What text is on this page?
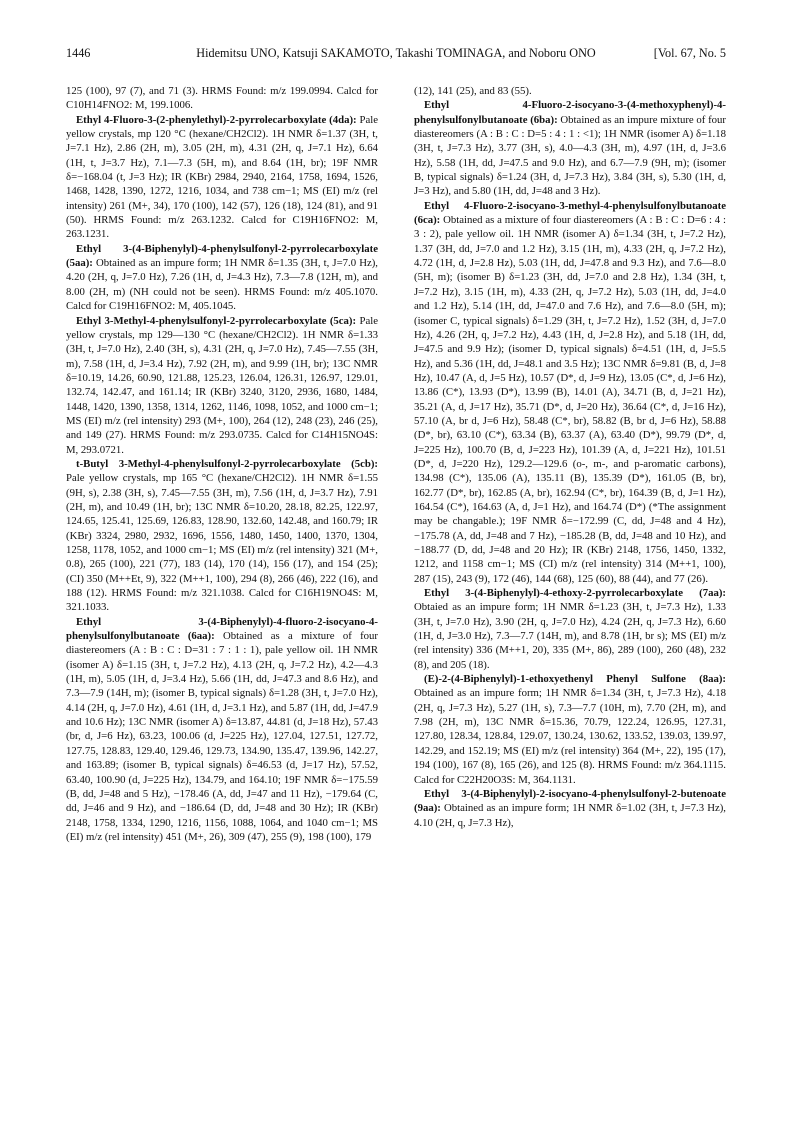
1446	Hidemitsu UNO, Katsuji SAKAMOTO, Takashi TOMINAGA, and Noboru ONO	[Vol. 67, No. 5

125 (100), 97 (7), and 71 (3). HRMS Found: m/z 199.0994. Calcd for C10H14FNO2: M, 199.1006.

Ethyl 4-Fluoro-3-(2-phenylethyl)-2-pyrrolecarboxylate (4da): Pale yellow crystals, mp 120 °C (hexane/CH2Cl2). 1H NMR δ=1.37 (3H, t, J=7.1 Hz), 2.86 (2H, m), 3.05 (2H, m), 4.31 (2H, q, J=7.1 Hz), 6.64 (1H, t, J=3.7 Hz), 7.1—7.3 (5H, m), and 8.64 (1H, br); 19F NMR δ=−168.04 (t, J=3 Hz); IR (KBr) 2984, 2940, 2164, 1758, 1694, 1526, 1468, 1428, 1390, 1272, 1216, 1034, and 738 cm−1; MS (EI) m/z (rel intensity) 261 (M+, 34), 170 (100), 142 (57), 126 (18), 124 (81), and 91 (50). HRMS Found: m/z 263.1232. Calcd for C19H16FNO2: M, 263.1231.

Ethyl 3-(4-Biphenylyl)-4-phenylsulfonyl-2-pyrrolecarboxylate (5aa): Obtained as an impure form; 1H NMR δ=1.35 (3H, t, J=7.0 Hz), 4.20 (2H, q, J=7.0 Hz), 7.26 (1H, d, J=4.3 Hz), 7.3—7.8 (12H, m), and 8.00 (2H, m) (NH could not be seen). HRMS Found: m/z 405.1070. Calcd for C19H16FNO2: M, 405.1045.

Ethyl 3-Methyl-4-phenylsulfonyl-2-pyrrolecarboxylate (5ca): Pale yellow crystals, mp 129—130 °C (hexane/CH2Cl2). 1H NMR δ=1.33 (3H, t, J=7.0 Hz), 2.40 (3H, s), 4.31 (2H, q, J=7.0 Hz), 7.45—7.55 (3H, m), 7.58 (1H, d, J=3.4 Hz), 7.92 (2H, m), and 9.99 (1H, br); 13C NMR δ=10.19, 14.26, 60.90, 121.88, 125.23, 126.04, 126.31, 126.97, 129.01, 132.74, 142.47, and 161.14; IR (KBr) 3240, 3120, 2936, 1680, 1484, 1448, 1420, 1390, 1358, 1314, 1262, 1146, 1098, 1052, and 1000 cm−1; MS (EI) m/z (rel intensity) 293 (M+, 100), 264 (12), 248 (23), 246 (25), and 149 (27). HRMS Found: m/z 293.0735. Calcd for C14H15NO4S: M, 293.0721.

t-Butyl 3-Methyl-4-phenylsulfonyl-2-pyrrolecarboxylate (5cb): Pale yellow crystals, mp 165 °C (hexane/CH2Cl2). 1H NMR δ=1.55 (9H, s), 2.38 (3H, s), 7.45—7.55 (3H, m), 7.56 (1H, d, J=3.7 Hz), 7.91 (2H, m), and 10.49 (1H, br); 13C NMR δ=10.20, 28.18, 82.25, 122.97, 124.65, 125.41, 125.69, 126.83, 128.90, 132.60, 142.48, and 160.79; IR (KBr) 3324, 2980, 2932, 1696, 1556, 1480, 1450, 1400, 1370, 1304, 1258, 1178, 1052, and 1000 cm−1; MS (EI) m/z (rel intensity) 321 (M+, 0.8), 265 (100), 221 (77), 183 (14), 170 (14), 156 (17), and 154 (25); (CI) 350 (M++Et, 9), 322 (M++1, 100), 294 (8), 266 (46), 222 (16), and 188 (12). HRMS Found: m/z 321.1038. Calcd for C16H19NO4S: M, 321.1033.

Ethyl 3-(4-Biphenylyl)-4-fluoro-2-isocyano-4-phenylsulfonylbutanoate (6aa): Obtained as a mixture of four diastereomers (A : B : C : D=31 : 7 : 1 : 1), pale yellow oil. 1H NMR (isomer A) δ=1.15 (3H, t, J=7.2 Hz), 4.13 (2H, q, J=7.2 Hz), 4.2—4.3 (1H, m), 5.05 (1H, d, J=3.4 Hz), 5.66 (1H, dd, J=47.3 and 8.6 Hz), and 7.3—7.9 (14H, m); (isomer B, typical signals) δ=1.28 (3H, t, J=7.0 Hz), 4.14 (2H, q, J=7.0 Hz), 4.61 (1H, d, J=3.1 Hz), and 5.87 (1H, dd, J=47.9 and 10.6 Hz); 13C NMR (isomer A) δ=13.87, 44.81 (d, J=18 Hz), 57.43 (br, d, J=6 Hz), 63.23, 100.06 (d, J=225 Hz), 127.04, 127.51, 127.72, 127.75, 128.83, 129.40, 129.46, 129.73, 134.90, 135.47, 139.96, 142.27, and 163.89; (isomer B, typical signals) δ=46.53 (d, J=17 Hz), 57.52, 63.40, 100.90 (d, J=225 Hz), 134.79, and 164.10; 19F NMR δ=−175.59 (B, dd, J=48 and 5 Hz), −178.46 (A, dd, J=47 and 11 Hz), −179.64 (C, dd, J=46 and 9 Hz), and −186.64 (D, dd, J=48 and 30 Hz); IR (KBr) 2148, 1758, 1334, 1290, 1216, 1156, 1088, 1064, and 1040 cm−1; MS (EI) m/z (rel intensity) 451 (M+, 26), 309 (47), 255 (9), 198 (100), 179

(12), 141 (25), and 83 (55).

Ethyl 4-Fluoro-2-isocyano-3-(4-methoxyphenyl)-4-phenylsulfonylbutanoate (6ba): Obtained as an impure mixture of four diastereomers (A : B : C : D=5 : 4 : 1 : <1); 1H NMR (isomer A) δ=1.18 (3H, t, J=7.3 Hz), 3.77 (3H, s), 4.0—4.3 (3H, m), 4.97 (1H, d, J=3.6 Hz), 5.58 (1H, dd, J=47.5 and 9.0 Hz), and 6.7—7.9 (9H, m); (isomer B, typical signals) δ=1.24 (3H, d, J=7.3 Hz), 3.84 (3H, s), 5.30 (1H, d, J=3 Hz), and 5.80 (1H, dd, J=48 and 3 Hz).

Ethyl 4-Fluoro-2-isocyano-3-methyl-4-phenylsulfonylbutanoate (6ca): Obtained as a mixture of four diastereomers (A : B : C : D=6 : 4 : 3 : 2), pale yellow oil. 1H NMR (isomer A) δ=1.34 (3H, t, J=7.2 Hz), 1.37 (3H, dd, J=7.0 and 1.2 Hz), 3.15 (1H, m), 4.33 (2H, q, J=7.2 Hz), 4.72 (1H, d, J=2.8 Hz), 5.03 (1H, dd, J=47.8 and 9.3 Hz), and 7.6—8.0 (5H, m); (isomer B) δ=1.23 (3H, dd, J=7.0 and 2.8 Hz), 1.34 (3H, t, J=7.2 Hz), 3.15 (1H, m), 4.33 (2H, q, J=7.2 Hz), 5.03 (1H, dd, J=4.0 and 1.2 Hz), 5.14 (1H, dd, J=47.0 and 7.6 Hz), and 7.6—8.0 (5H, m); (isomer C, typical signals) δ=1.29 (3H, t, J=7.2 Hz), 1.52 (3H, d, J=7.0 Hz), 4.26 (2H, q, J=7.2 Hz), 4.43 (1H, d, J=2.8 Hz), and 5.18 (1H, dd, J=47.5 and 9.9 Hz); (isomer D, typical signals) δ=4.51 (1H, d, J=5.5 Hz), and 5.36 (1H, dd, J=48.1 and 3.5 Hz); 13C NMR δ=9.81 (B, d, J=8 Hz), 10.47 (A, d, J=5 Hz), 10.57 (D*, d, J=9 Hz), 13.05 (C*, d, J=6 Hz), 13.86 (C*), 13.93 (D*), 13.99 (B), 14.01 (A), 34.71 (B, d, J=21 Hz), 35.21 (A, d, J=17 Hz), 35.71 (D*, d, J=20 Hz), 36.64 (C*, d, J=16 Hz), 57.10 (A, br d, J=6 Hz), 58.48 (C*, br), 58.82 (B, br d, J=6 Hz), 58.88 (D*, br), 63.10 (C*), 63.34 (B), 63.37 (A), 63.40 (D*), 99.79 (D*, d, J=225 Hz), 100.70 (B, d, J=223 Hz), 101.39 (A, d, J=221 Hz), 101.51 (D*, d, J=220 Hz), 129.2—129.6 (o-, m-, and p-aromatic carbons), 134.98 (C*), 135.06 (A), 135.11 (B), 135.39 (D*), 161.05 (B, br), 162.77 (D*, br), 162.85 (A, br), 162.94 (C*, br), 164.39 (B, d, J=1 Hz), 164.54 (C*), 164.63 (A, d, J=1 Hz), and 164.74 (D*) (*The assignment may be changable.); 19F NMR δ=−172.99 (C, dd, J=48 and 4 Hz), −175.78 (A, dd, J=48 and 7 Hz), −185.28 (B, dd, J=48 and 10 Hz), and −188.77 (D, dd, J=48 and 20 Hz); IR (KBr) 2148, 1756, 1450, 1332, 1212, and 1158 cm−1; MS (CI) m/z (rel intensity) 314 (M++1, 100), 287 (15), 243 (9), 172 (46), 144 (68), 125 (60), 88 (44), and 77 (26).

Ethyl 3-(4-Biphenylyl)-4-ethoxy-2-pyrrolecarboxylate (7aa): Obtaied as an impure form; 1H NMR δ=1.23 (3H, t, J=7.3 Hz), 1.33 (3H, t, J=7.0 Hz), 3.90 (2H, q, J=7.0 Hz), 4.24 (2H, q, J=7.3 Hz), 6.60 (1H, d, J=3.0 Hz), 7.3—7.7 (14H, m), and 8.78 (1H, br s); MS (EI) m/z (rel intensity) 336 (M++1, 20), 335 (M+, 86), 289 (100), 260 (48), 232 (8), and 205 (18).

(E)-2-(4-Biphenylyl)-1-ethoxyethenyl Phenyl Sulfone (8aa): Obtained as an impure form; 1H NMR δ=1.34 (3H, t, J=7.3 Hz), 4.18 (2H, q, J=7.3 Hz), 5.27 (1H, s), 7.3—7.7 (10H, m), 7.70 (2H, m), and 7.98 (2H, m), 13C NMR δ=15.36, 70.79, 122.24, 126.95, 127.31, 127.80, 128.34, 128.84, 129.07, 130.24, 130.62, 133.52, 139.03, 139.97, 142.29, and 152.19; MS (EI) m/z (rel intensity) 364 (M+, 22), 195 (17), 194 (100), 167 (8), 165 (26), and 125 (8). HRMS Found: m/z 364.1115. Calcd for C22H20O3S: M, 364.1131.

Ethyl 3-(4-Biphenylyl)-2-isocyano-4-phenylsulfonyl-2-butenoate (9aa): Obtained as an impure form; 1H NMR δ=1.02 (3H, t, J=7.3 Hz), 4.10 (2H, q, J=7.3 Hz),
